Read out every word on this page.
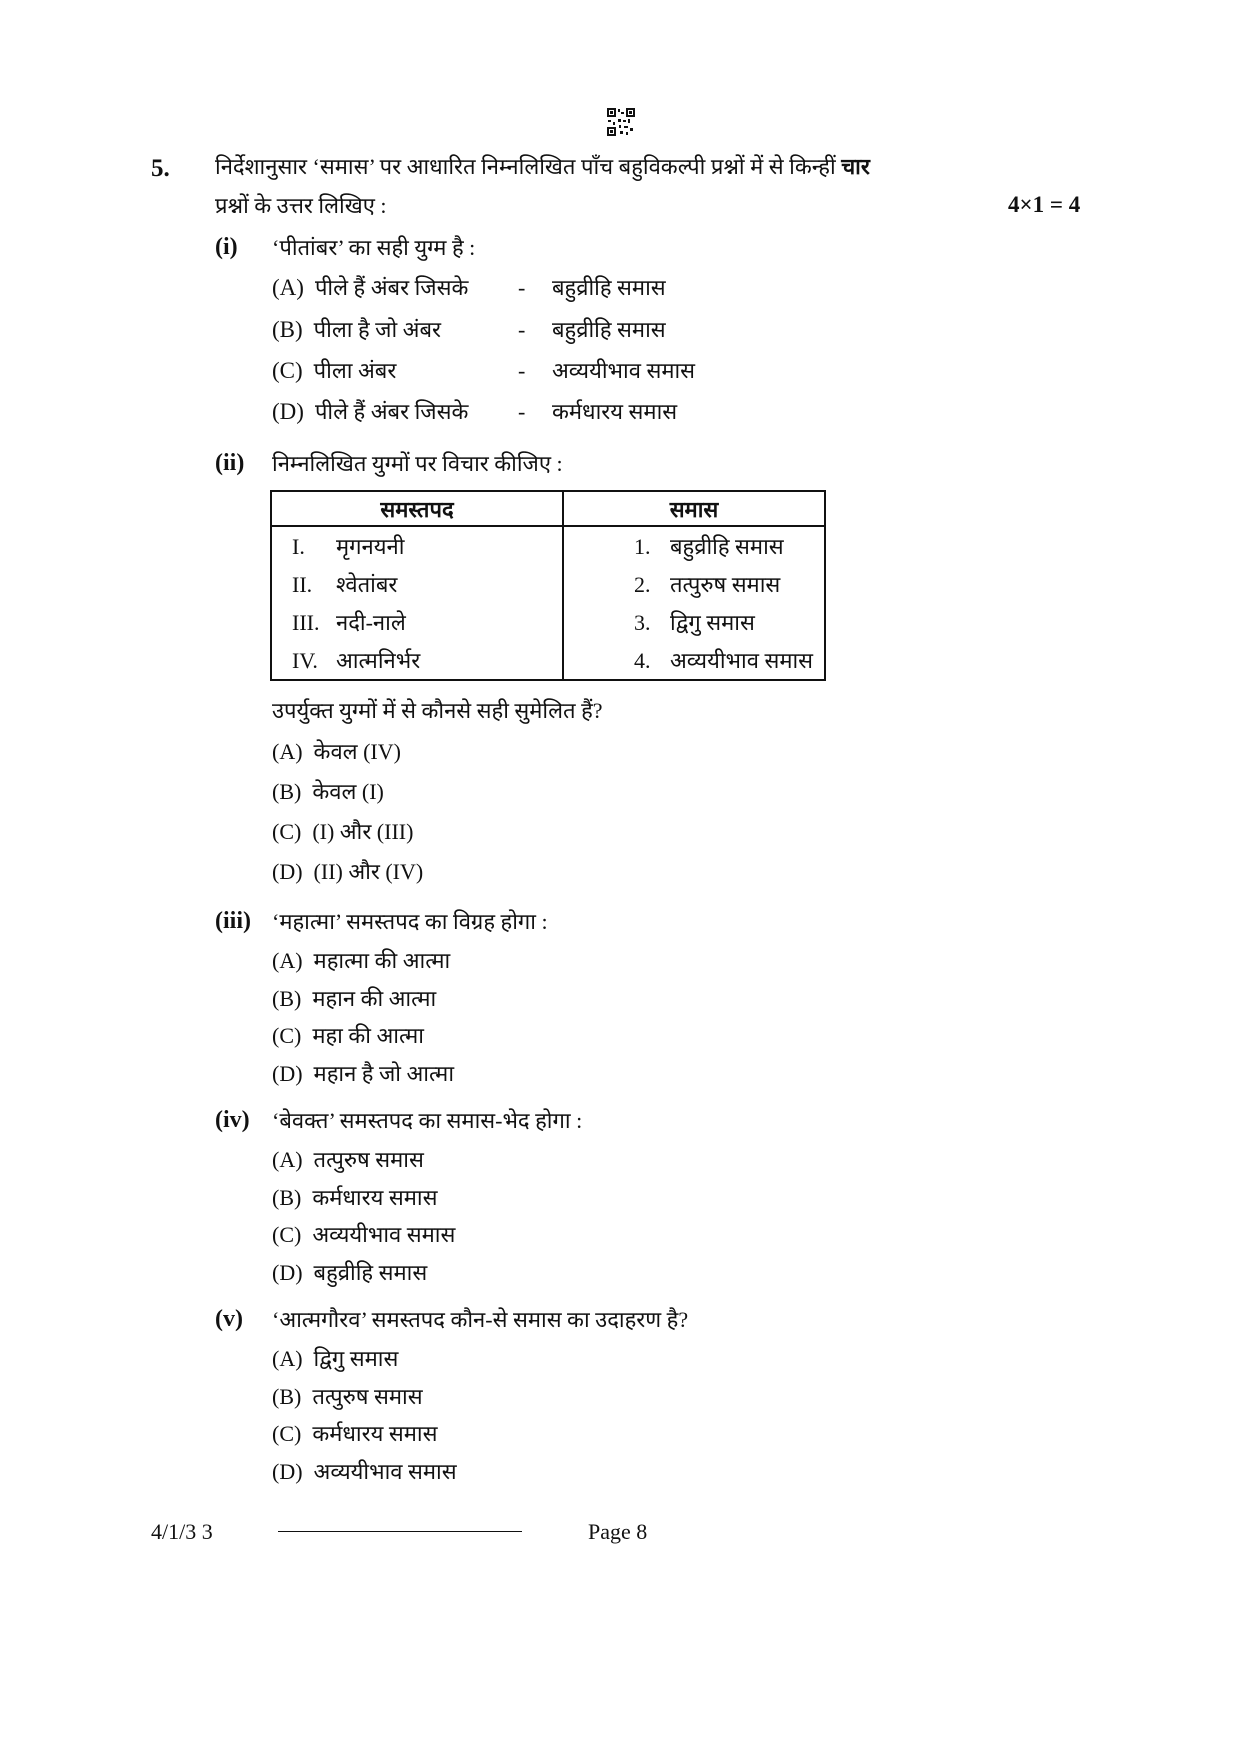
5. निर्देशानुसार ‘समास’ पर आधारित निम्नलिखित पाँच बहुविकल्पी प्रश्नों में से किन्हीं चार
प्रश्नों के उत्तर लिखिए :	4×1 = 4
(i) ‘पीतांबर’ का सही युग्म है :
(A) पीले हैं अंबर जिसके - बहुव्रीहि समास
(B) पीला है जो अंबर	- बहुव्रीहि समास
(C) पीला अंबर	- अव्ययीभाव समास
(D) पीले हैं अंबर जिसके - कर्मधारय समास
(ii) निम्नलिखित युग्मों पर विचार कीजिए :
समस्तपद	समास
I. मृगनयनी	1. बहुव्रीहि समास
II. श्वेतांबर	2. तत्पुरुष समास
III. नदी-नाले	3. द्विगु समास
IV. आत्मनिर्भर	4. अव्ययीभाव समास
उपर्युक्त युग्मों में से कौनसे सही सुमेलित हैं?
(A) केवल (IV)
(B) केवल (I)
(C) (I) और (III)
(D) (II) और (IV)
(iii) ‘महात्मा’ समस्तपद का विग्रह होगा :
(A) महात्मा की आत्मा
(B) महान की आत्मा
(C) महा की आत्मा
(D) महान है जो आत्मा
(iv) ‘बेवक्त’ समस्तपद का समास-भेद होगा :
(A) तत्पुरुष समास
(B) कर्मधारय समास
(C) अव्ययीभाव समास
(D) बहुव्रीहि समास
(v) ‘आत्मगौरव’ समस्तपद कौन-से समास का उदाहरण है?
(A) द्विगु समास
(B) तत्पुरुष समास
(C) कर्मधारय समास
(D) अव्ययीभाव समास
4/1/3 3	Page 8
